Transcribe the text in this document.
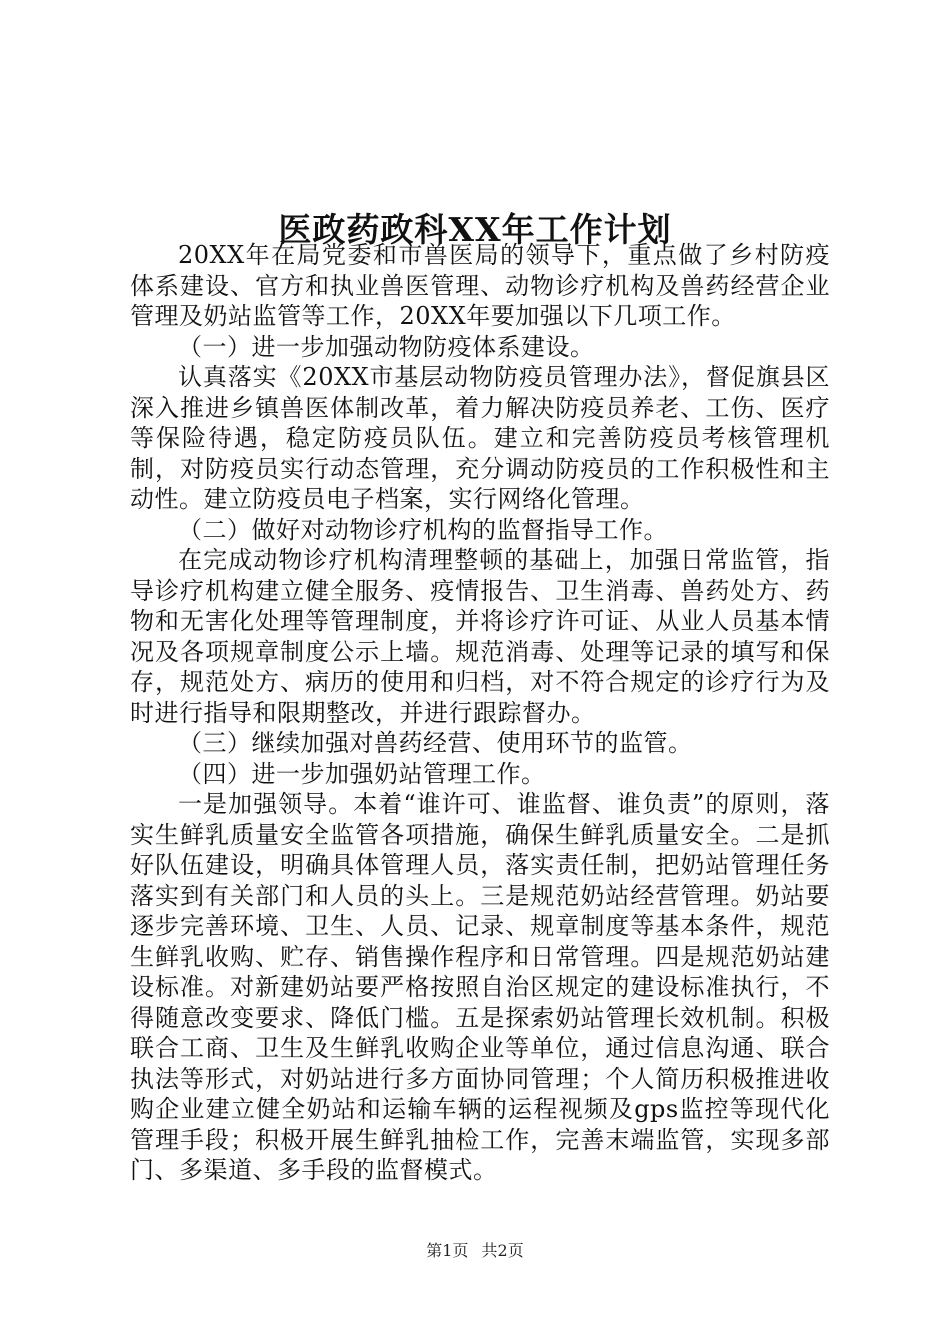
医政药政科XX年工作计划

20XX年在局党委和市兽医局的领导下，重点做了乡村防疫体系建设、官方和执业兽医管理、动物诊疗机构及兽药经营企业管理及奶站监管等工作，20XX年要加强以下几项工作。

（一）进一步加强动物防疫体系建设。

认真落实《20XX市基层动物防疫员管理办法》，督促旗县区深入推进乡镇兽医体制改革，着力解决防疫员养老、工伤、医疗等保险待遇，稳定防疫员队伍。建立和完善防疫员考核管理机制，对防疫员实行动态管理，充分调动防疫员的工作积极性和主动性。建立防疫员电子档案，实行网络化管理。

（二）做好对动物诊疗机构的监督指导工作。

在完成动物诊疗机构清理整顿的基础上，加强日常监管，指导诊疗机构建立健全服务、疫情报告、卫生消毒、兽药处方、药物和无害化处理等管理制度，并将诊疗许可证、从业人员基本情况及各项规章制度公示上墙。规范消毒、处理等记录的填写和保存，规范处方、病历的使用和归档，对不符合规定的诊疗行为及时进行指导和限期整改，并进行跟踪督办。

（三）继续加强对兽药经营、使用环节的监管。

（四）进一步加强奶站管理工作。

一是加强领导。本着“谁许可、谁监督、谁负责”的原则，落实生鲜乳质量安全监管各项措施，确保生鲜乳质量安全。二是抓好队伍建设，明确具体管理人员，落实责任制，把奶站管理任务落实到有关部门和人员的头上。三是规范奶站经营管理。奶站要逐步完善环境、卫生、人员、记录、规章制度等基本条件，规范生鲜乳收购、贮存、销售操作程序和日常管理。四是规范奶站建设标准。对新建奶站要严格按照自治区规定的建设标准执行，不得随意改变要求、降低门槛。五是探索奶站管理长效机制。积极联合工商、卫生及生鲜乳收购企业等单位，通过信息沟通、联合执法等形式，对奶站进行多方面协同管理；个人简历积极推进收购企业建立健全奶站和运输车辆的运程视频及gps监控等现代化管理手段；积极开展生鲜乳抽检工作，完善末端监管，实现多部门、多渠道、多手段的监督模式。

第1页 共2页
